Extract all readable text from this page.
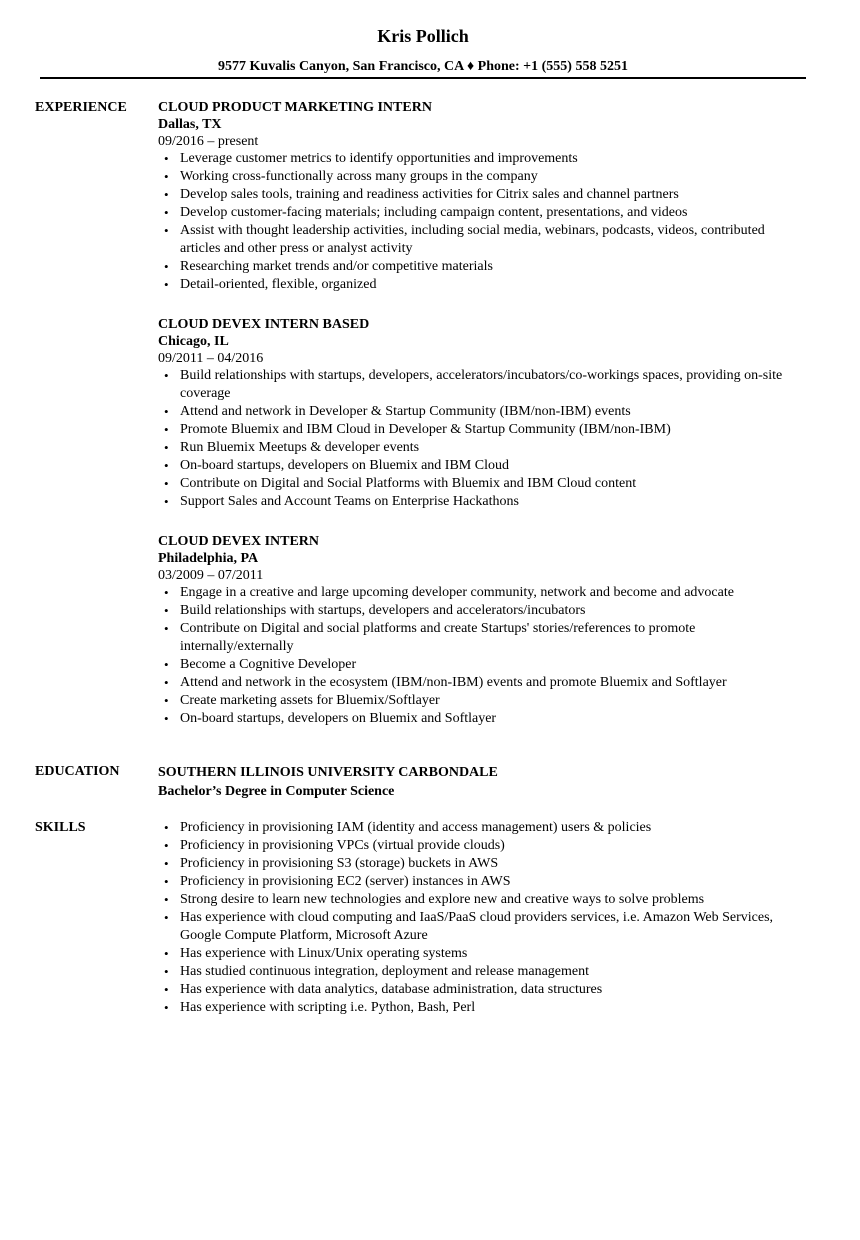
Kris Pollich
9577 Kuvalis Canyon, San Francisco, CA ♦ Phone: +1 (555) 558 5251
EXPERIENCE CLOUD PRODUCT MARKETING INTERN
Dallas, TX
09/2016 – present
• Leverage customer metrics to identify opportunities and improvements
• Working cross-functionally across many groups in the company
• Develop sales tools, training and readiness activities for Citrix sales and channel partners
• Develop customer-facing materials; including campaign content, presentations, and videos
• Assist with thought leadership activities, including social media, webinars, podcasts, videos, contributed articles and other press or analyst activity
• Researching market trends and/or competitive materials
• Detail-oriented, flexible, organized
CLOUD DEVEX INTERN BASED
Chicago, IL
09/2011 – 04/2016
• Build relationships with startups, developers, accelerators/incubators/co-workings spaces, providing on-site coverage
• Attend and network in Developer & Startup Community (IBM/non-IBM) events
• Promote Bluemix and IBM Cloud in Developer & Startup Community (IBM/non-IBM)
• Run Bluemix Meetups & developer events
• On-board startups, developers on Bluemix and IBM Cloud
• Contribute on Digital and Social Platforms with Bluemix and IBM Cloud content
• Support Sales and Account Teams on Enterprise Hackathons
CLOUD DEVEX INTERN
Philadelphia, PA
03/2009 – 07/2011
• Engage in a creative and large upcoming developer community, network and become and advocate
• Build relationships with startups, developers and accelerators/incubators
• Contribute on Digital and social platforms and create Startups' stories/references to promote internally/externally
• Become a Cognitive Developer
• Attend and network in the ecosystem (IBM/non-IBM) events and promote Bluemix and Softlayer
• Create marketing assets for Bluemix/Softlayer
• On-board startups, developers on Bluemix and Softlayer
EDUCATION	SOUTHERN ILLINOIS UNIVERSITY CARBONDALE
Bachelor’s Degree in Computer Science
SKILLS
•	Proficiency in provisioning IAM (identity and access management) users & policies
• Proficiency in provisioning VPCs (virtual provide clouds)
• Proficiency in provisioning S3 (storage) buckets in AWS
• Proficiency in provisioning EC2 (server) instances in AWS
• Strong desire to learn new technologies and explore new and creative ways to solve problems
• Has experience with cloud computing and IaaS/PaaS cloud providers services, i.e. Amazon Web Services, Google Compute Platform, Microsoft Azure
• Has experience with Linux/Unix operating systems
• Has studied continuous integration, deployment and release management
• Has experience with data analytics, database administration, data structures
• Has experience with scripting i.e. Python, Bash, Perl
